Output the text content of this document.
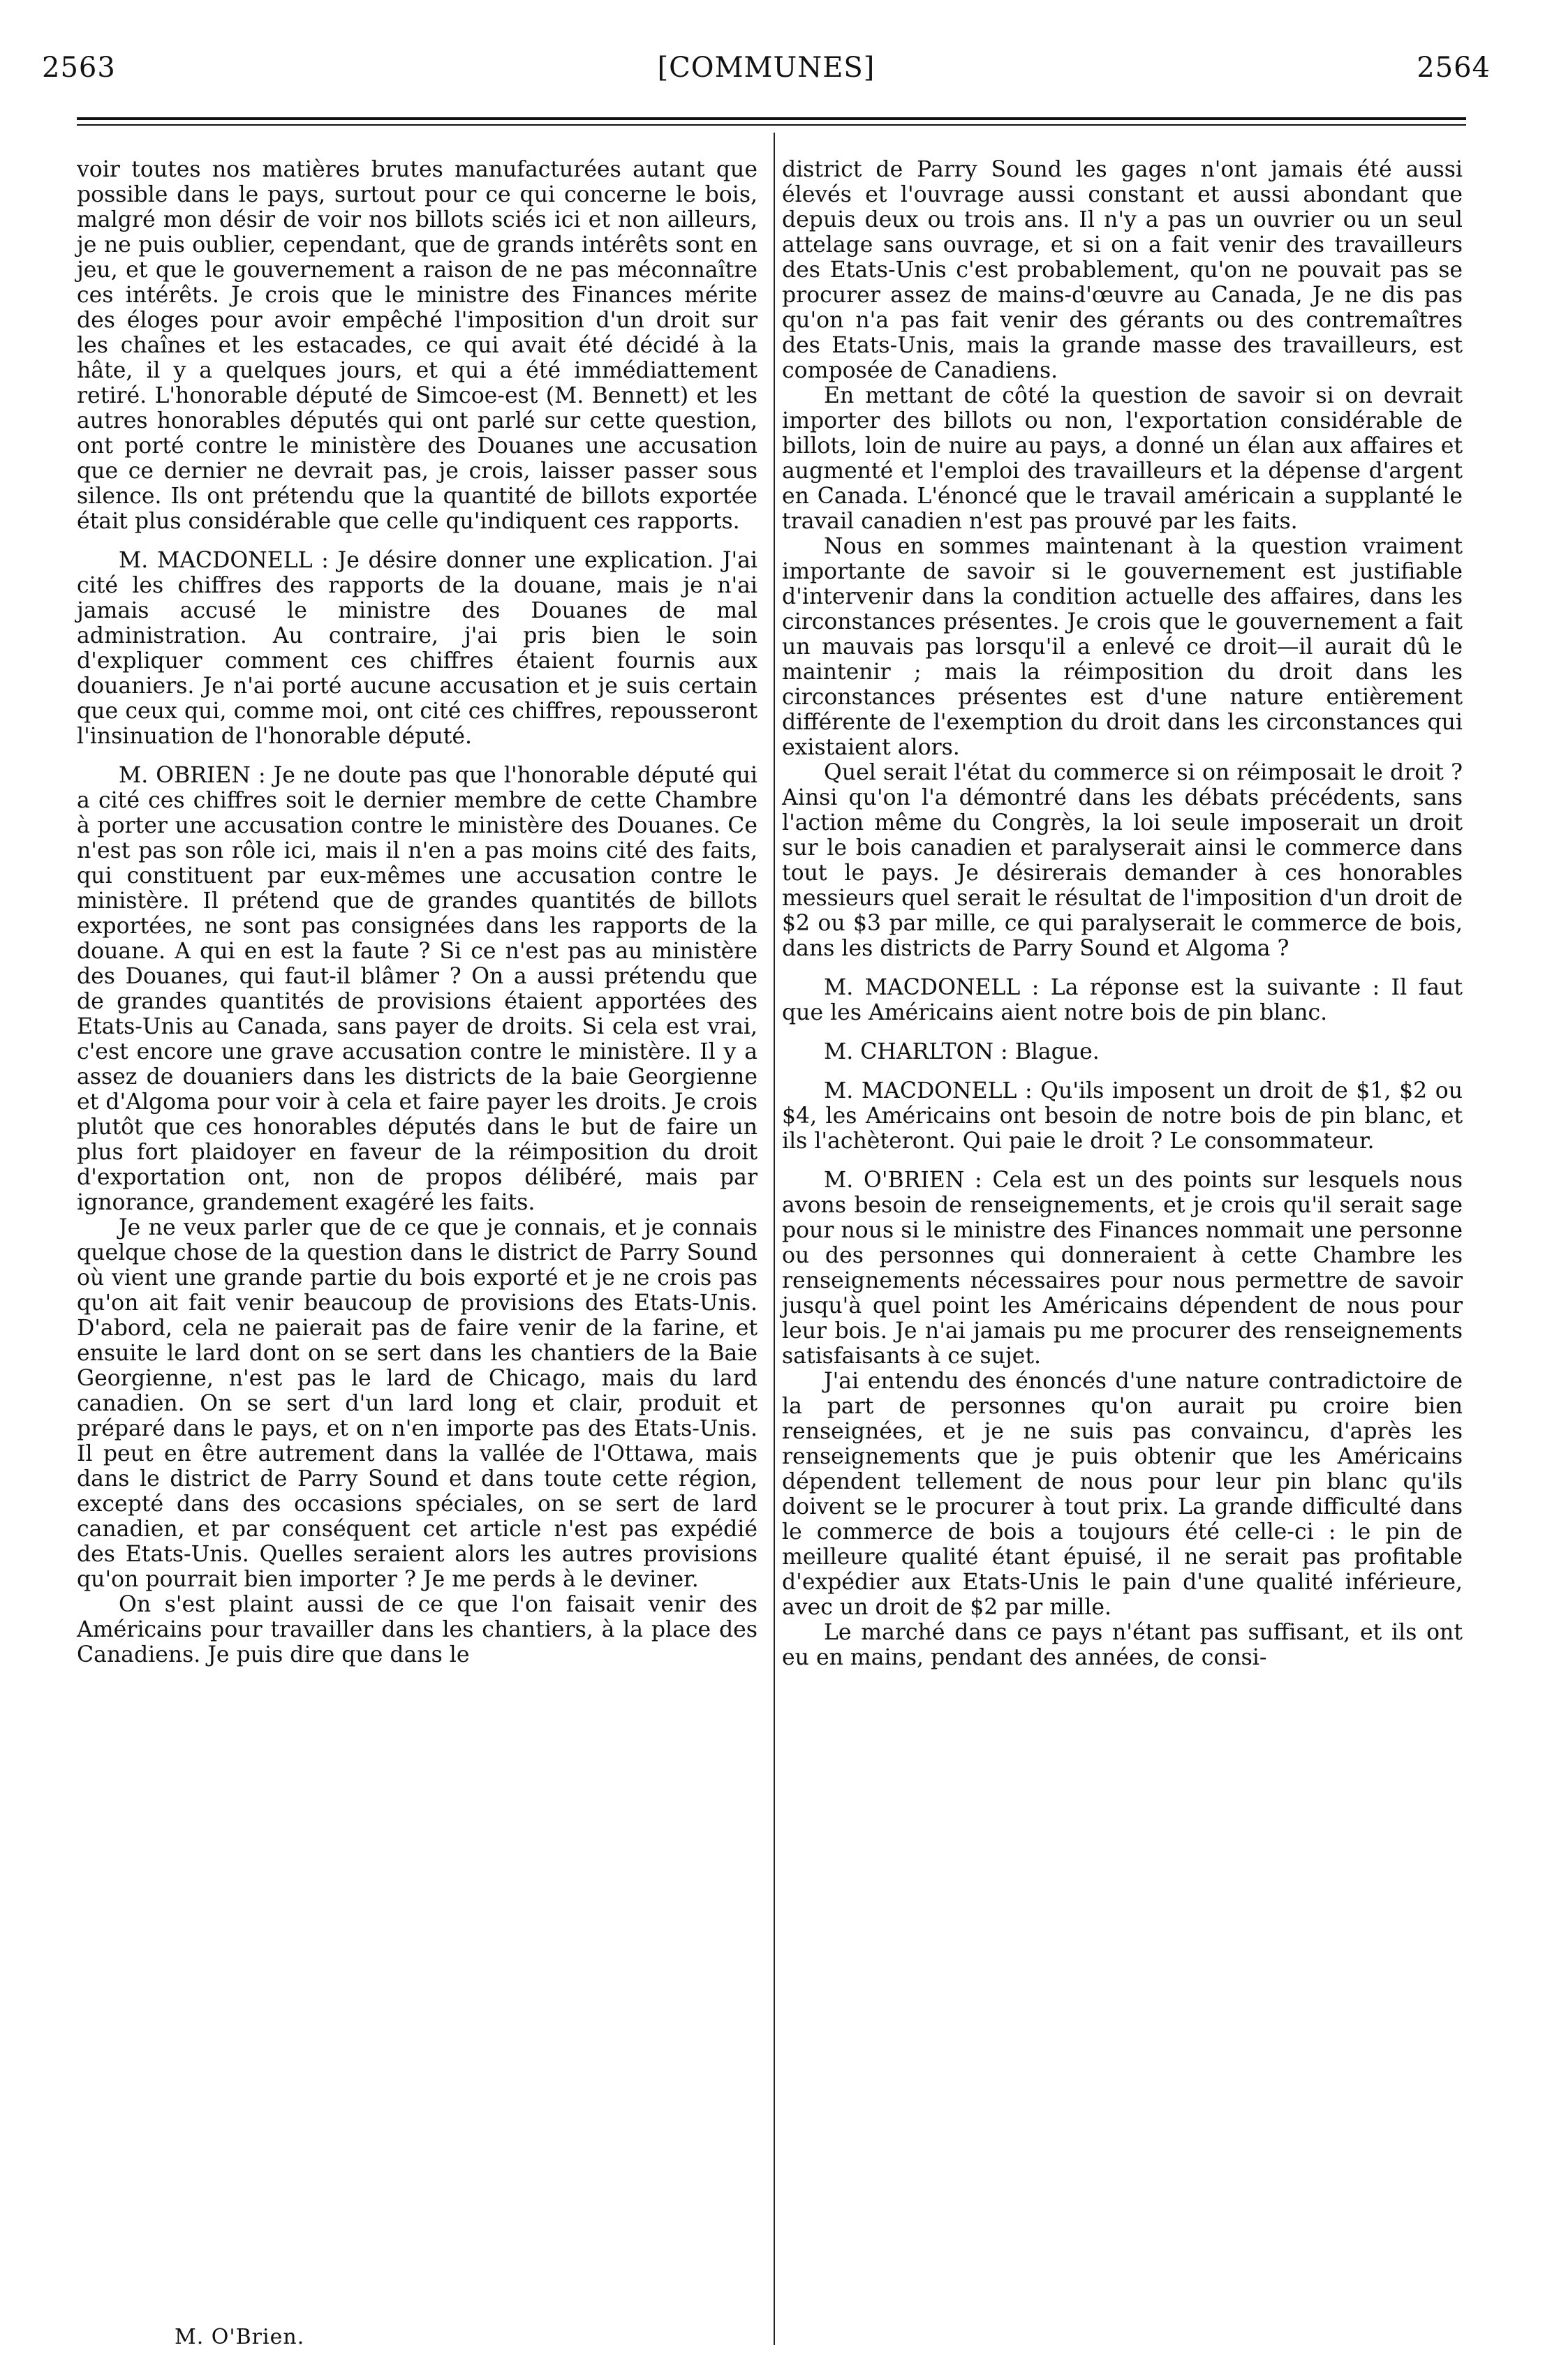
2563	[COMMUNES]	2564

voir toutes nos matières brutes manufacturées autant que possible dans le pays, surtout pour ce qui concerne le bois, malgré mon désir de voir nos billots sciés ici et non ailleurs, je ne puis oublier, cependant, que de grands intérêts sont en jeu, et que le gouvernement a raison de ne pas méconnaître ces intérêts. Je crois que le ministre des Finances mérite des éloges pour avoir empêché l'imposition d'un droit sur les chaînes et les estacades, ce qui avait été décidé à la hâte, il y a quelques jours, et qui a été immédiattement retiré. L'honorable député de Simcoe-est (M. Bennett) et les autres honorables députés qui ont parlé sur cette question, ont porté contre le ministère des Douanes une accusation que ce dernier ne devrait pas, je crois, laisser passer sous silence. Ils ont prétendu que la quantité de billots exportée était plus considérable que celle qu'indiquent ces rapports.

M. MACDONELL : Je désire donner une explication. J'ai cité les chiffres des rapports de la douane, mais je n'ai jamais accusé le ministre des Douanes de mal administration. Au contraire, j'ai pris bien le soin d'expliquer comment ces chiffres étaient fournis aux douaniers. Je n'ai porté aucune accusation et je suis certain que ceux qui, comme moi, ont cité ces chiffres, repousseront l'insinuation de l'honorable député.

M. OBRIEN : Je ne doute pas que l'honorable député qui a cité ces chiffres soit le dernier membre de cette Chambre à porter une accusation contre le ministère des Douanes. Ce n'est pas son rôle ici, mais il n'en a pas moins cité des faits, qui constituent par eux-mêmes une accusation contre le ministère. Il prétend que de grandes quantités de billots exportées, ne sont pas consignées dans les rapports de la douane. A qui en est la faute ? Si ce n'est pas au ministère des Douanes, qui faut-il blâmer ? On a aussi prétendu que de grandes quantités de provisions étaient apportées des Etats-Unis au Canada, sans payer de droits. Si cela est vrai, c'est encore une grave accusation contre le ministère. Il y a assez de douaniers dans les districts de la baie Georgienne et d'Algoma pour voir à cela et faire payer les droits. Je crois plutôt que ces honorables députés dans le but de faire un plus fort plaidoyer en faveur de la réimposition du droit d'exportation ont, non de propos délibéré, mais par ignorance, grandement exagéré les faits.

Je ne veux parler que de ce que je connais, et je connais quelque chose de la question dans le district de Parry Sound où vient une grande partie du bois exporté et je ne crois pas qu'on ait fait venir beaucoup de provisions des Etats-Unis. D'abord, cela ne paierait pas de faire venir de la farine, et ensuite le lard dont on se sert dans les chantiers de la Baie Georgienne, n'est pas le lard de Chicago, mais du lard canadien. On se sert d'un lard long et clair, produit et préparé dans le pays, et on n'en importe pas des Etats-Unis. Il peut en être autrement dans la vallée de l'Ottawa, mais dans le district de Parry Sound et dans toute cette région, excepté dans des occasions spéciales, on se sert de lard canadien, et par conséquent cet article n'est pas expédié des Etats-Unis. Quelles seraient alors les autres provisions qu'on pourrait bien importer ? Je me perds à le deviner.

On s'est plaint aussi de ce que l'on faisait venir des Américains pour travailler dans les chantiers, à la place des Canadiens. Je puis dire que dans le

district de Parry Sound les gages n'ont jamais été aussi élevés et l'ouvrage aussi constant et aussi abondant que depuis deux ou trois ans. Il n'y a pas un ouvrier ou un seul attelage sans ouvrage, et si on a fait venir des travailleurs des Etats-Unis c'est probablement, qu'on ne pouvait pas se procurer assez de mains-d'œuvre au Canada, Je ne dis pas qu'on n'a pas fait venir des gérants ou des contremaîtres des Etats-Unis, mais la grande masse des travailleurs, est composée de Canadiens.

En mettant de côté la question de savoir si on devrait importer des billots ou non, l'exportation considérable de billots, loin de nuire au pays, a donné un élan aux affaires et augmenté et l'emploi des travailleurs et la dépense d'argent en Canada. L'énoncé que le travail américain a supplanté le travail canadien n'est pas prouvé par les faits.

Nous en sommes maintenant à la question vraiment importante de savoir si le gouvernement est justifiable d'intervenir dans la condition actuelle des affaires, dans les circonstances présentes. Je crois que le gouvernement a fait un mauvais pas lorsqu'il a enlevé ce droit—il aurait dû le maintenir ; mais la réimposition du droit dans les circonstances présentes est d'une nature entièrement différente de l'exemption du droit dans les circonstances qui existaient alors.

Quel serait l'état du commerce si on réimposait le droit ? Ainsi qu'on l'a démontré dans les débats précédents, sans l'action même du Congrès, la loi seule imposerait un droit sur le bois canadien et paralyserait ainsi le commerce dans tout le pays. Je désirerais demander à ces honorables messieurs quel serait le résultat de l'imposition d'un droit de $2 ou $3 par mille, ce qui paralyserait le commerce de bois, dans les districts de Parry Sound et Algoma ?

M. MACDONELL : La réponse est la suivante : Il faut que les Américains aient notre bois de pin blanc.

M. CHARLTON : Blague.

M. MACDONELL : Qu'ils imposent un droit de $1, $2 ou $4, les Américains ont besoin de notre bois de pin blanc, et ils l'achèteront. Qui paie le droit ? Le consommateur.

M. O'BRIEN : Cela est un des points sur lesquels nous avons besoin de renseignements, et je crois qu'il serait sage pour nous si le ministre des Finances nommait une personne ou des personnes qui donneraient à cette Chambre les renseignements nécessaires pour nous permettre de savoir jusqu'à quel point les Américains dépendent de nous pour leur bois. Je n'ai jamais pu me procurer des renseignements satisfaisants à ce sujet.

J'ai entendu des énoncés d'une nature contradictoire de la part de personnes qu'on aurait pu croire bien renseignées, et je ne suis pas convaincu, d'après les renseignements que je puis obtenir que les Américains dépendent tellement de nous pour leur pin blanc qu'ils doivent se le procurer à tout prix. La grande difficulté dans le commerce de bois a toujours été celle-ci : le pin de meilleure qualité étant épuisé, il ne serait pas profitable d'expédier aux Etats-Unis le pain d'une qualité inférieure, avec un droit de $2 par mille.

Le marché dans ce pays n'étant pas suffisant, et ils ont eu en mains, pendant des années, de consi-

M. O'Brien.
